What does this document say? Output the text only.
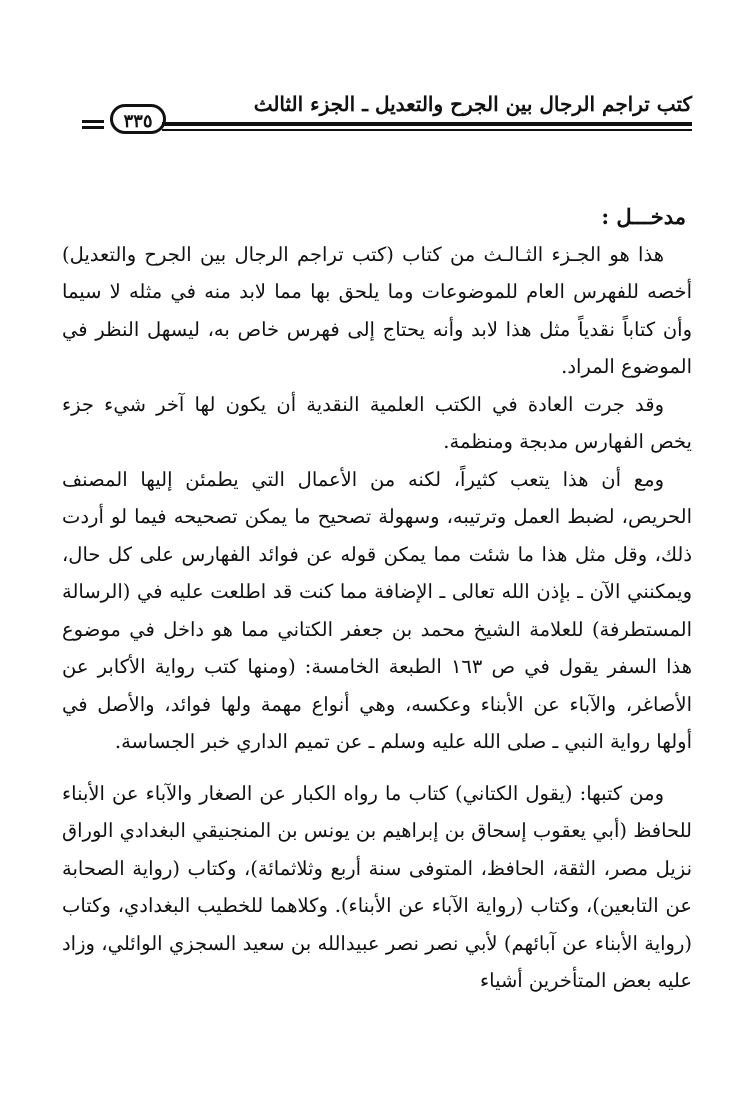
كتب تراجم الرجال بين الجرح والتعديل ـ الجزء الثالث
٣٣٥

مدخـــل :

هذا هو الجـزء الثـالـث من كتاب (كتب تراجم الرجال بين الجرح والتعديل) أخصه للفهرس العام للموضوعات وما يلحق بها مما لابد منه في مثله لا سيما وأن كتاباً نقدياً مثل هذا لابد وأنه يحتاج إلى فهرس خاص به، ليسهل النظر في الموضوع المراد.

وقد جرت العادة في الكتب العلمية النقدية أن يكون لها آخر شيء جزء يخص الفهارس مدبجة ومنظمة.

ومع أن هذا يتعب كثيراً، لكنه من الأعمال التي يطمئن إليها المصنف الحريص، لضبط العمل وترتيبه، وسهولة تصحيح ما يمكن تصحيحه فيما لو أردت ذلك، وقل مثل هذا ما شئت مما يمكن قوله عن فوائد الفهارس على كل حال، ويمكنني الآن ـ بإذن الله تعالى ـ الإضافة مما كنت قد اطلعت عليه في (الرسالة المستطرفة) للعلامة الشيخ محمد بن جعفر الكتاني مما هو داخل في موضوع هذا السفر يقول في ص ١٦٣ الطبعة الخامسة: (ومنها كتب رواية الأكابر عن الأصاغر، والآباء عن الأبناء وعكسه، وهي أنواع مهمة ولها فوائد، والأصل في أولها رواية النبي ـ صلى الله عليه وسلم ـ عن تميم الداري خبر الجساسة.

ومن كتبها: (يقول الكتاني) كتاب ما رواه الكبار عن الصغار والآباء عن الأبناء للحافظ (أبي يعقوب إسحاق بن إبراهيم بن يونس بن المنجنيقي البغدادي الوراق نزيل مصر، الثقة، الحافظ، المتوفى سنة أربع وثلاثمائة)، وكتاب (رواية الصحابة عن التابعين)، وكتاب (رواية الآباء عن الأبناء). وكلاهما للخطيب البغدادي، وكتاب (رواية الأبناء عن آبائهم) لأبي نصر نصر عبيدالله بن سعيد السجزي الوائلي، وزاد عليه بعض المتأخرين أشياء
